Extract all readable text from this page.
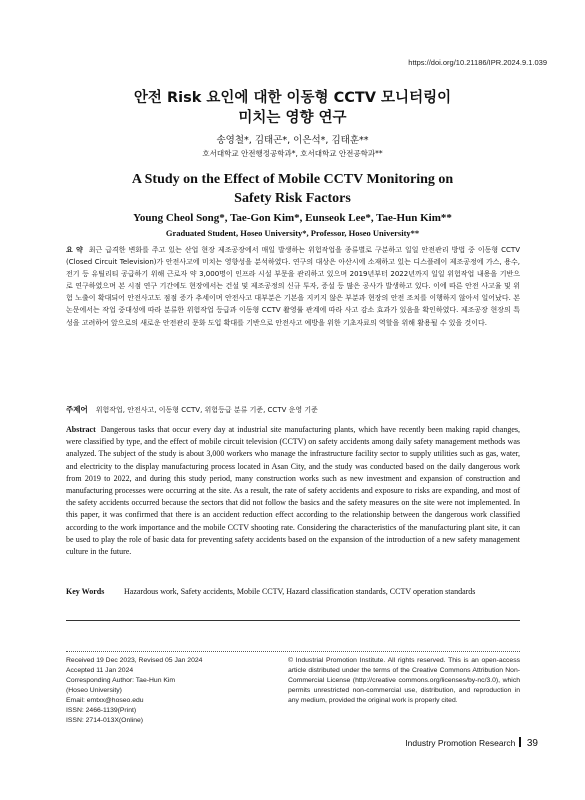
https://doi.org/10.21186/IPR.2024.9.1.039
안전 Risk 요인에 대한 이동형 CCTV 모니터링이
미치는 영향 연구
송영철*, 김태곤*, 이은석*, 김태훈**
호서대학교 안전행정공학과*, 호서대학교 안전공학과**
A Study on the Effect of Mobile CCTV Monitoring on
Safety Risk Factors
Young Cheol Song*, Tae-Gon Kim*, Eunseok Lee*, Tae-Hun Kim**
Graduated Student, Hoseo University*, Professor, Hoseo University**
요 약 최근 급격한 변화를 주고 있는 산업 현장 제조공장에서 매일 발생하는 위험작업을 종류별로 구분하고 일일 안전관리 방법 중 이동형 CCTV (Closed Circuit Television)가 안전사고에 미치는 영향성을 분석하였다. 연구의 대상은 아산시에 소재하고 있는 디스플레이 제조공정에 가스, 용수, 전기 등 유틸리티 공급하기 위해 근로자 약 3,000명이 인프라 시설 부문을 관리하고 있으며 2019년부터 2022년까지 일일 위험작업 내용을 기반으로 연구하였으며 본 시점 연구 기간에도 현장에서는 건설 및 제조공정의 신규 투자, 증설 등 많은 공사가 발생하고 있다. 이에 따른 안전 사고율 및 위험 노출이 확대되어 안전사고도 점점 증가 추세이며 안전사고 대부분은 기본을 지키지 않은 부분과 현장의 안전 조치를 이행하지 않아서 일어났다. 본 논문에서는 작업 중대성에 따라 분류한 위험작업 등급과 이동형 CCTV 촬영률 관계에 따라 사고 감소 효과가 있음을 확인하였다. 제조공장 현장의 특성을 고려하여 앞으로의 새로운 안전관리 문화 도입 확대를 기반으로 안전사고 예방을 위한 기초자료의 역할을 위해 활용될 수 있을 것이다.
주제어 위험작업, 안전사고, 이동형 CCTV, 위험등급 분류 기준, CCTV 운영 기준
Abstract Dangerous tasks that occur every day at industrial site manufacturing plants, which have recently been making rapid changes, were classified by type, and the effect of mobile circuit television (CCTV) on safety accidents among daily safety management methods was analyzed. The subject of the study is about 3,000 workers who manage the infrastructure facility sector to supply utilities such as gas, water, and electricity to the display manufacturing process located in Asan City, and the study was conducted based on the daily dangerous work from 2019 to 2022, and during this study period, many construction works such as new investment and expansion of construction and manufacturing processes were occurring at the site. As a result, the rate of safety accidents and exposure to risks are expanding, and most of the safety accidents occurred because the sectors that did not follow the basics and the safety measures on the site were not implemented. In this paper, it was confirmed that there is an accident reduction effect according to the relationship between the dangerous work classified according to the work importance and the mobile CCTV shooting rate. Considering the characteristics of the manufacturing plant site, it can be used to play the role of basic data for preventing safety accidents based on the expansion of the introduction of a new safety management culture in the future.
Key Words	Hazardous work, Safety accidents, Mobile CCTV, Hazard classification standards, CCTV operation standards
Received 19 Dec 2023, Revised 05 Jan 2024
Accepted 11 Jan 2024
Corresponding Author: Tae-Hun Kim
(Hoseo University)
Email: emtxx@hoseo.edu
ISSN: 2466-1139(Print)
ISSN: 2714-013X(Online)
© Industrial Promotion Institute. All rights reserved. This is an open-access article distributed under the terms of the Creative Commons Attribution Non-Commercial License (http://creative commons.org/licenses/by-nc/3.0), which permits unrestricted non-commercial use, distribution, and reproduction in any medium, provided the original work is properly cited.
Industry Promotion Research 39
